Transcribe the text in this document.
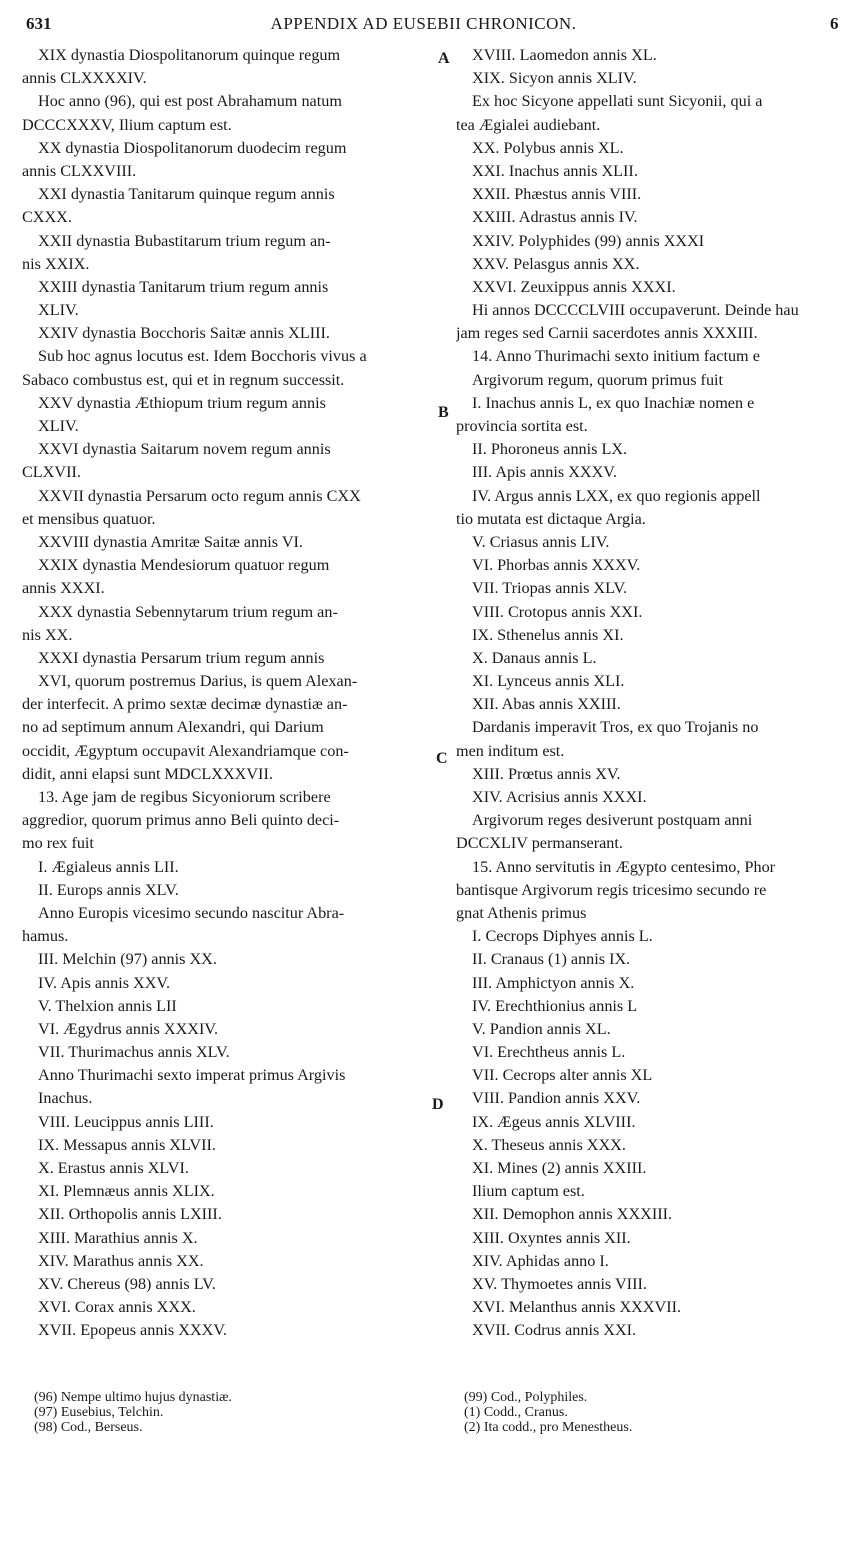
631	APPENDIX AD EUSEBII CHRONICON.	6
A
B
C
D
XIX dynastia Diospolitanorum quinque regum
annis CLXXXXIV.
Hoc anno (96), qui est post Abrahamum natum
DCCCXXXV, Ilium captum est.
XX dynastia Diospolitanorum duodecim regum
annis CLXXVIII.
XXI dynastia Tanitarum quinque regum annis
CXXX.
XXII dynastia Bubastitarum trium regum an-
nis XXIX.
XXIII dynastia Tanitarum trium regum annis
XLIV.
XXIV dynastia Bocchoris Saitæ annis XLIII.
Sub hoc agnus locutus est. Idem Bocchoris vivus a
Sabaco combustus est, qui et in regnum successit.
XXV dynastia Æthiopum trium regum annis
XLIV.
XXVI dynastia Saitarum novem regum annis
CLXVII.
XXVII dynastia Persarum octo regum annis CXX
et mensibus quatuor.
XXVIII dynastia Amritæ Saitæ annis VI.
XXIX dynastia Mendesiorum quatuor regum
annis XXXI.
XXX dynastia Sebennytarum trium regum an-
nis XX.
XXXI dynastia Persarum trium regum annis
XVI, quorum postremus Darius, is quem Alexan-
der interfecit. A primo sextæ decimæ dynastiæ an-
no ad septimum annum Alexandri, qui Darium
occidit, Ægyptum occupavit Alexandriamque con-
didit, anni elapsi sunt MDCLXXXVII.
13. Age jam de regibus Sicyoniorum scribere
aggredior, quorum primus anno Beli quinto deci-
mo rex fuit
I. Ægialeus annis LII.
II. Europs annis XLV.
Anno Europis vicesimo secundo nascitur Abra-
hamus.
III. Melchin (97) annis XX.
IV. Apis annis XXV.
V. Thelxion annis LII
VI. Ægydrus annis XXXIV.
VII. Thurimachus annis XLV.
Anno Thurimachi sexto imperat primus Argivis
Inachus.
VIII. Leucippus annis LIII.
IX. Messapus annis XLVII.
X. Erastus annis XLVI.
XI. Plemnæus annis XLIX.
XII. Orthopolis annis LXIII.
XIII. Marathius annis X.
XIV. Marathus annis XX.
XV. Chereus (98) annis LV.
XVI. Corax annis XXX.
XVII. Epopeus annis XXXV.
XVIII. Laomedon annis XL.
XIX. Sicyon annis XLIV.
Ex hoc Sicyone appellati sunt Sicyonii, qui a
tea Ægialei audiebant.
XX. Polybus annis XL.
XXI. Inachus annis XLII.
XXII. Phæstus annis VIII.
XXIII. Adrastus annis IV.
XXIV. Polyphides (99) annis XXXI
XXV. Pelasgus annis XX.
XXVI. Zeuxippus annis XXXI.
Hi annos DCCCCLVIII occupaverunt. Deinde hau
jam reges sed Carnii sacerdotes annis XXXIII.
14. Anno Thurimachi sexto initium factum e
Argivorum regum, quorum primus fuit
I. Inachus annis L, ex quo Inachiæ nomen e
provincia sortita est.
II. Phoroneus annis LX.
III. Apis annis XXXV.
IV. Argus annis LXX, ex quo regionis appell
tio mutata est dictaque Argia.
V. Criasus annis LIV.
VI. Phorbas annis XXXV.
VII. Triopas annis XLV.
VIII. Crotopus annis XXI.
IX. Sthenelus annis XI.
X. Danaus annis L.
XI. Lynceus annis XLI.
XII. Abas annis XXIII.
Dardanis imperavit Tros, ex quo Trojanis no
men inditum est.
XIII. Prœtus annis XV.
XIV. Acrisius annis XXXI.
Argivorum reges desiverunt postquam anni
DCCXLIV permanserant.
15. Anno servitutis in Ægypto centesimo, Phor
bantisque Argivorum regis tricesimo secundo re
gnat Athenis primus
I. Cecrops Diphyes annis L.
II. Cranaus (1) annis IX.
III. Amphictyon annis X.
IV. Erechthionius annis L
V. Pandion annis XL.
VI. Erechtheus annis L.
VII. Cecrops alter annis XL
VIII. Pandion annis XXV.
IX. Ægeus annis XLVIII.
X. Theseus annis XXX.
XI. Mines (2) annis XXIII.
Ilium captum est.
XII. Demophon annis XXXIII.
XIII. Oxyntes annis XII.
XIV. Aphidas anno I.
XV. Thymoetes annis VIII.
XVI. Melanthus annis XXXVII.
XVII. Codrus annis XXI.
(96) Nempe ultimo hujus dynastiæ.
(97) Eusebius, Telchin.
(98) Cod., Berseus.
(99) Cod., Polyphiles.
(1) Codd., Cranus.
(2) Ita codd., pro Menestheus.
